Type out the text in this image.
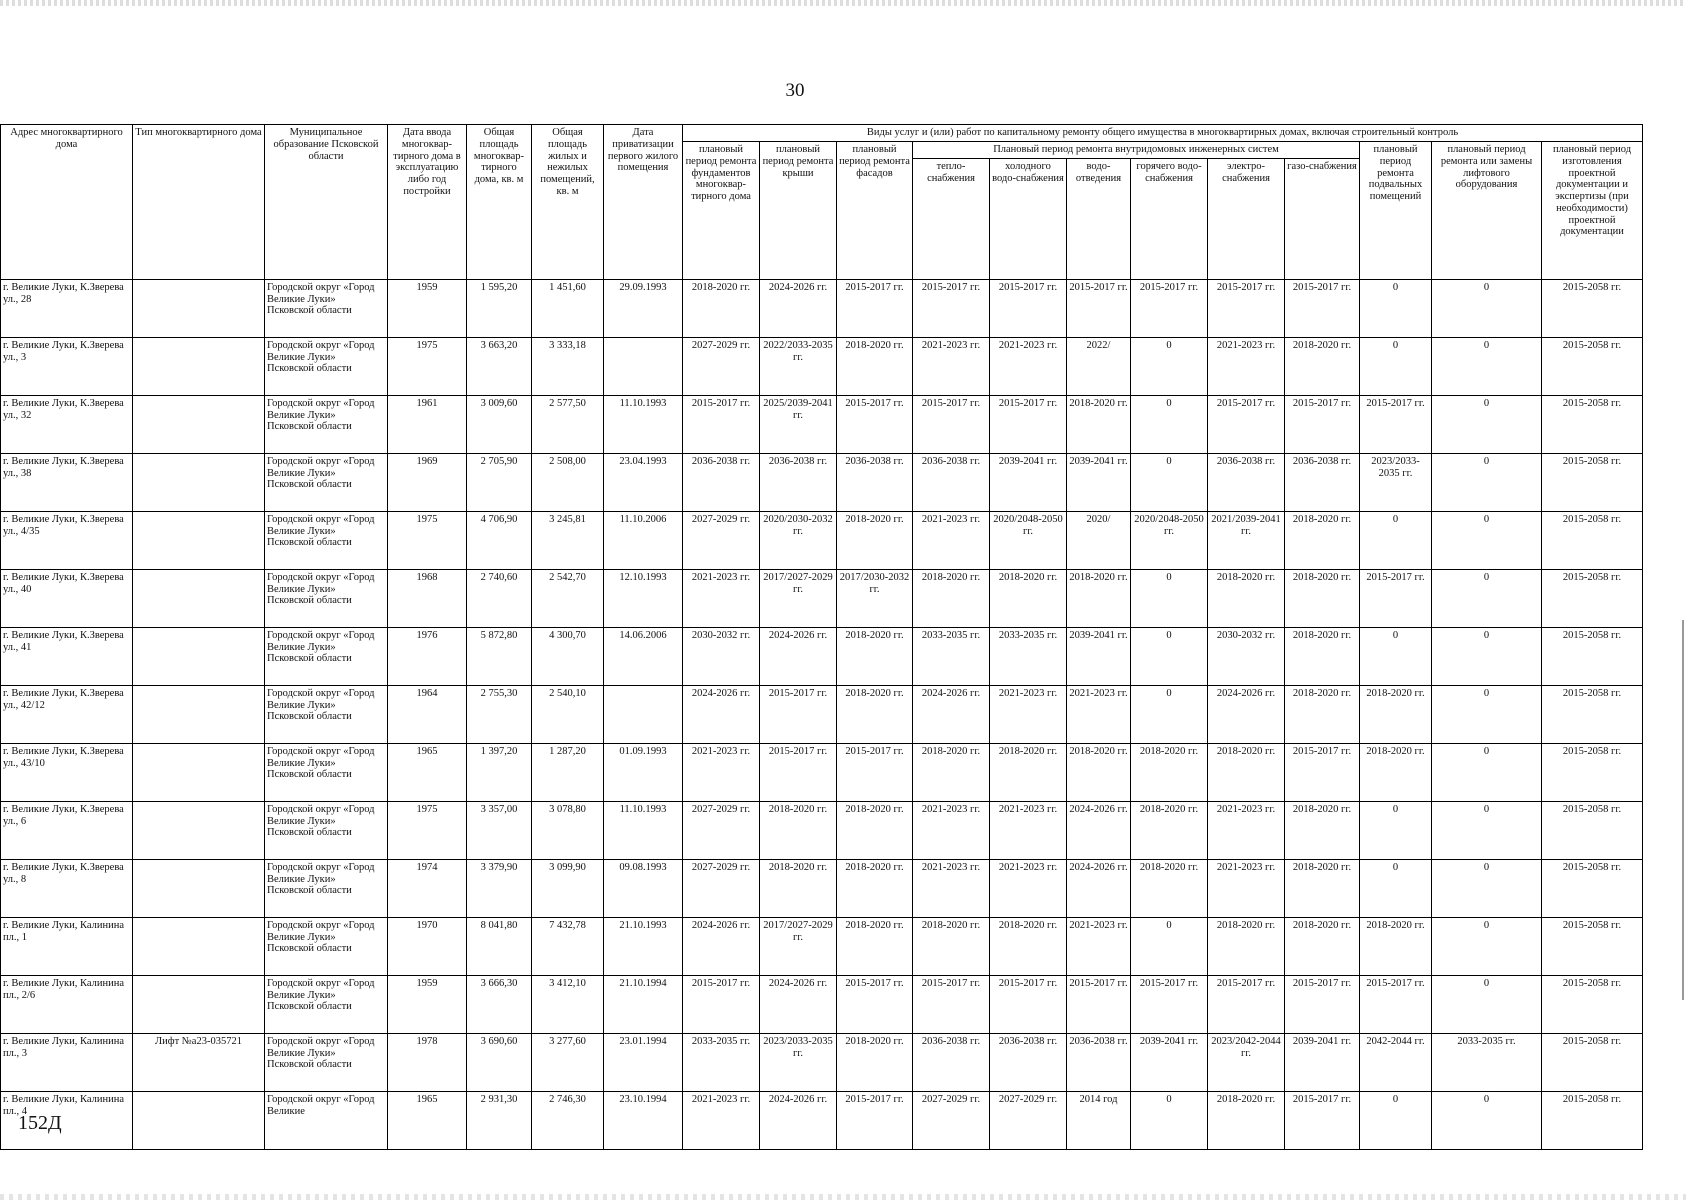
30
Адрес многоквартирного дома	Тип многоквартирного дома	Муниципальное образование Псковской области	Дата ввода многоквар-тирного дома в эксплуатацию либо год постройки	Общая площадь многоквар-тирного дома, кв. м	Общая площадь жилых и нежилых помещений, кв. м	Дата приватизации первого жилого помещения	Виды услуг и (или) работ по капитальному ремонту общего имущества в многоквартирных домах, включая строительный контроль											
							плановый период ремонта фундаментов многоквар-тирного дома	плановый период ремонта крыши	плановый период ремонта фасадов	Плановый период ремонта внутридомовых инженерных систем						плановый период ремонта подвальных помещений	плановый период ремонта или замены лифтового оборудования	плановый период изготовления проектной документации и экспертизы (при необходимости) проектной документации
										тепло-снабжения	холодного водо-снабжения	водо-отведения	горячего водо-снабжения	электро-снабжения	газо-снабжения			
г. Великие Луки, К.Зверева ул., 28		Городской округ «Город Великие Луки» Псковской области	1959	1 595,20	1 451,60	29.09.1993	2018-2020 гг.	2024-2026 гг.	2015-2017 гг.	2015-2017 гг.	2015-2017 гг.	2015-2017 гг.	2015-2017 гг.	2015-2017 гг.	2015-2017 гг.	0	0	2015-2058 гг.
г. Великие Луки, К.Зверева ул., 3		Городской округ «Город Великие Луки» Псковской области	1975	3 663,20	3 333,18		2027-2029 гг.	2022/2033-2035 гг.	2018-2020 гг.	2021-2023 гг.	2021-2023 гг.	2022/	0	2021-2023 гг.	2018-2020 гг.	0	0	2015-2058 гг.
г. Великие Луки, К.Зверева ул., 32		Городской округ «Город Великие Луки» Псковской области	1961	3 009,60	2 577,50	11.10.1993	2015-2017 гг.	2025/2039-2041 гг.	2015-2017 гг.	2015-2017 гг.	2015-2017 гг.	2018-2020 гг.	0	2015-2017 гг.	2015-2017 гг.	2015-2017 гг.	0	2015-2058 гг.
г. Великие Луки, К.Зверева ул., 38		Городской округ «Город Великие Луки» Псковской области	1969	2 705,90	2 508,00	23.04.1993	2036-2038 гг.	2036-2038 гг.	2036-2038 гг.	2036-2038 гг.	2039-2041 гг.	2039-2041 гг.	0	2036-2038 гг.	2036-2038 гг.	2023/2033-2035 гг.	0	2015-2058 гг.
г. Великие Луки, К.Зверева ул., 4/35		Городской округ «Город Великие Луки» Псковской области	1975	4 706,90	3 245,81	11.10.2006	2027-2029 гг.	2020/2030-2032 гг.	2018-2020 гг.	2021-2023 гг.	2020/2048-2050 гг.	2020/	2020/2048-2050 гг.	2021/2039-2041 гг.	2018-2020 гг.	0	0	2015-2058 гг.
г. Великие Луки, К.Зверева ул., 40		Городской округ «Город Великие Луки» Псковской области	1968	2 740,60	2 542,70	12.10.1993	2021-2023 гг.	2017/2027-2029 гг.	2017/2030-2032 гг.	2018-2020 гг.	2018-2020 гг.	2018-2020 гг.	0	2018-2020 гг.	2018-2020 гг.	2015-2017 гг.	0	2015-2058 гг.
г. Великие Луки, К.Зверева ул., 41		Городской округ «Город Великие Луки» Псковской области	1976	5 872,80	4 300,70	14.06.2006	2030-2032 гг.	2024-2026 гг.	2018-2020 гг.	2033-2035 гг.	2033-2035 гг.	2039-2041 гг.	0	2030-2032 гг.	2018-2020 гг.	0	0	2015-2058 гг.
г. Великие Луки, К.Зверева ул., 42/12		Городской округ «Город Великие Луки» Псковской области	1964	2 755,30	2 540,10		2024-2026 гг.	2015-2017 гг.	2018-2020 гг.	2024-2026 гг.	2021-2023 гг.	2021-2023 гг.	0	2024-2026 гг.	2018-2020 гг.	2018-2020 гг.	0	2015-2058 гг.
г. Великие Луки, К.Зверева ул., 43/10		Городской округ «Город Великие Луки» Псковской области	1965	1 397,20	1 287,20	01.09.1993	2021-2023 гг.	2015-2017 гг.	2015-2017 гг.	2018-2020 гг.	2018-2020 гг.	2018-2020 гг.	2018-2020 гг.	2018-2020 гг.	2015-2017 гг.	2018-2020 гг.	0	2015-2058 гг.
г. Великие Луки, К.Зверева ул., 6		Городской округ «Город Великие Луки» Псковской области	1975	3 357,00	3 078,80	11.10.1993	2027-2029 гг.	2018-2020 гг.	2018-2020 гг.	2021-2023 гг.	2021-2023 гг.	2024-2026 гг.	2018-2020 гг.	2021-2023 гг.	2018-2020 гг.	0	0	2015-2058 гг.
г. Великие Луки, К.Зверева ул., 8		Городской округ «Город Великие Луки» Псковской области	1974	3 379,90	3 099,90	09.08.1993	2027-2029 гг.	2018-2020 гг.	2018-2020 гг.	2021-2023 гг.	2021-2023 гг.	2024-2026 гг.	2018-2020 гг.	2021-2023 гг.	2018-2020 гг.	0	0	2015-2058 гг.
г. Великие Луки, Калинина пл., 1		Городской округ «Город Великие Луки» Псковской области	1970	8 041,80	7 432,78	21.10.1993	2024-2026 гг.	2017/2027-2029 гг.	2018-2020 гг.	2018-2020 гг.	2018-2020 гг.	2021-2023 гг.	0	2018-2020 гг.	2018-2020 гг.	2018-2020 гг.	0	2015-2058 гг.
г. Великие Луки, Калинина пл., 2/6		Городской округ «Город Великие Луки» Псковской области	1959	3 666,30	3 412,10	21.10.1994	2015-2017 гг.	2024-2026 гг.	2015-2017 гг.	2015-2017 гг.	2015-2017 гг.	2015-2017 гг.	2015-2017 гг.	2015-2017 гг.	2015-2017 гг.	2015-2017 гг.	0	2015-2058 гг.
г. Великие Луки, Калинина пл., 3	Лифт №а23-035721	Городской округ «Город Великие Луки» Псковской области	1978	3 690,60	3 277,60	23.01.1994	2033-2035 гг.	2023/2033-2035 гг.	2018-2020 гг.	2036-2038 гг.	2036-2038 гг.	2036-2038 гг.	2039-2041 гг.	2023/2042-2044 гг.	2039-2041 гг.	2042-2044 гг.	2033-2035 гг.	2015-2058 гг.
г. Великие Луки, Калинина пл., 4		Городской округ «Город Великие	1965	2 931,30	2 746,30	23.10.1994	2021-2023 гг.	2024-2026 гг.	2015-2017 гг.	2027-2029 гг.	2027-2029 гг.	2014 год	0	2018-2020 гг.	2015-2017 гг.	0	0	2015-2058 гг.
152Д
